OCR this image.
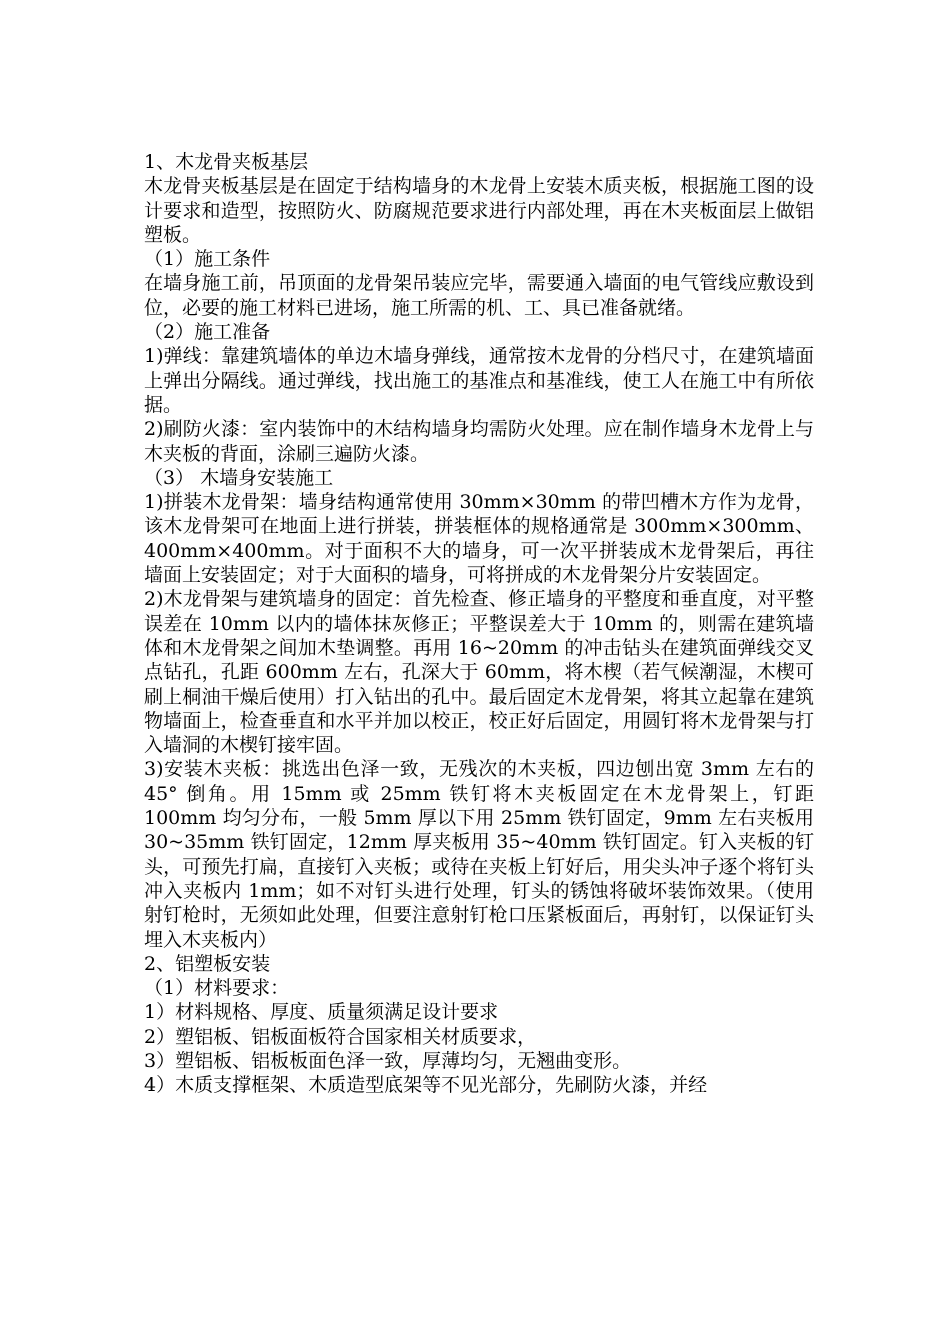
1、木龙骨夹板基层

木龙骨夹板基层是在固定于结构墙身的木龙骨上安装木质夹板，根据施工图的设计要求和造型，按照防火、防腐规范要求进行内部处理，再在木夹板面层上做铝塑板。

（1）施工条件

在墙身施工前，吊顶面的龙骨架吊装应完毕，需要通入墙面的电气管线应敷设到位，必要的施工材料已进场，施工所需的机、工、具已准备就绪。

（2）施工准备

1)弹线：靠建筑墙体的单边木墙身弹线，通常按木龙骨的分档尺寸，在建筑墙面上弹出分隔线。通过弹线，找出施工的基准点和基准线，使工人在施工中有所依据。

2)刷防火漆：室内装饰中的木结构墙身均需防火处理。应在制作墙身木龙骨上与木夹板的背面，涂刷三遍防火漆。

（3） 木墙身安装施工

1)拼装木龙骨架：墙身结构通常使用 30mm×30mm 的带凹槽木方作为龙骨，该木龙骨架可在地面上进行拼装，拼装框体的规格通常是 300mm×300mm、400mm×400mm。对于面积不大的墙身，可一次平拼装成木龙骨架后，再往墙面上安装固定；对于大面积的墙身，可将拼成的木龙骨架分片安装固定。

2)木龙骨架与建筑墙身的固定：首先检查、修正墙身的平整度和垂直度，对平整误差在 10mm 以内的墙体抹灰修正；平整误差大于 10mm 的，则需在建筑墙体和木龙骨架之间加木垫调整。再用 16~20mm 的冲击钻头在建筑面弹线交叉点钻孔，孔距 600mm 左右，孔深大于 60mm，将木楔（若气候潮湿，木楔可刷上桐油干燥后使用）打入钻出的孔中。最后固定木龙骨架，将其立起靠在建筑物墙面上，检查垂直和水平并加以校正，校正好后固定，用圆钉将木龙骨架与打入墙洞的木楔钉接牢固。

3)安装木夹板：挑选出色泽一致，无残次的木夹板，四边刨出宽 3mm 左右的 45° 倒角。用 15mm 或 25mm 铁钉将木夹板固定在木龙骨架上，钉距 100mm 均匀分布，一般 5mm 厚以下用 25mm 铁钉固定，9mm 左右夹板用 30~35mm 铁钉固定，12mm 厚夹板用 35~40mm 铁钉固定。钉入夹板的钉头，可预先打扁，直接钉入夹板；或待在夹板上钉好后，用尖头冲子逐个将钉头冲入夹板内 1mm；如不对钉头进行处理，钉头的锈蚀将破坏装饰效果。（使用射钉枪时，无须如此处理，但要注意射钉枪口压紧板面后，再射钉，以保证钉头埋入木夹板内）

2、铝塑板安装

（1）材料要求：

1）材料规格、厚度、质量须满足设计要求

2）塑铝板、铝板面板符合国家相关材质要求，

3）塑铝板、铝板板面色泽一致，厚薄均匀，无翘曲变形。

4）木质支撑框架、木质造型底架等不见光部分，先刷防火漆，并经
